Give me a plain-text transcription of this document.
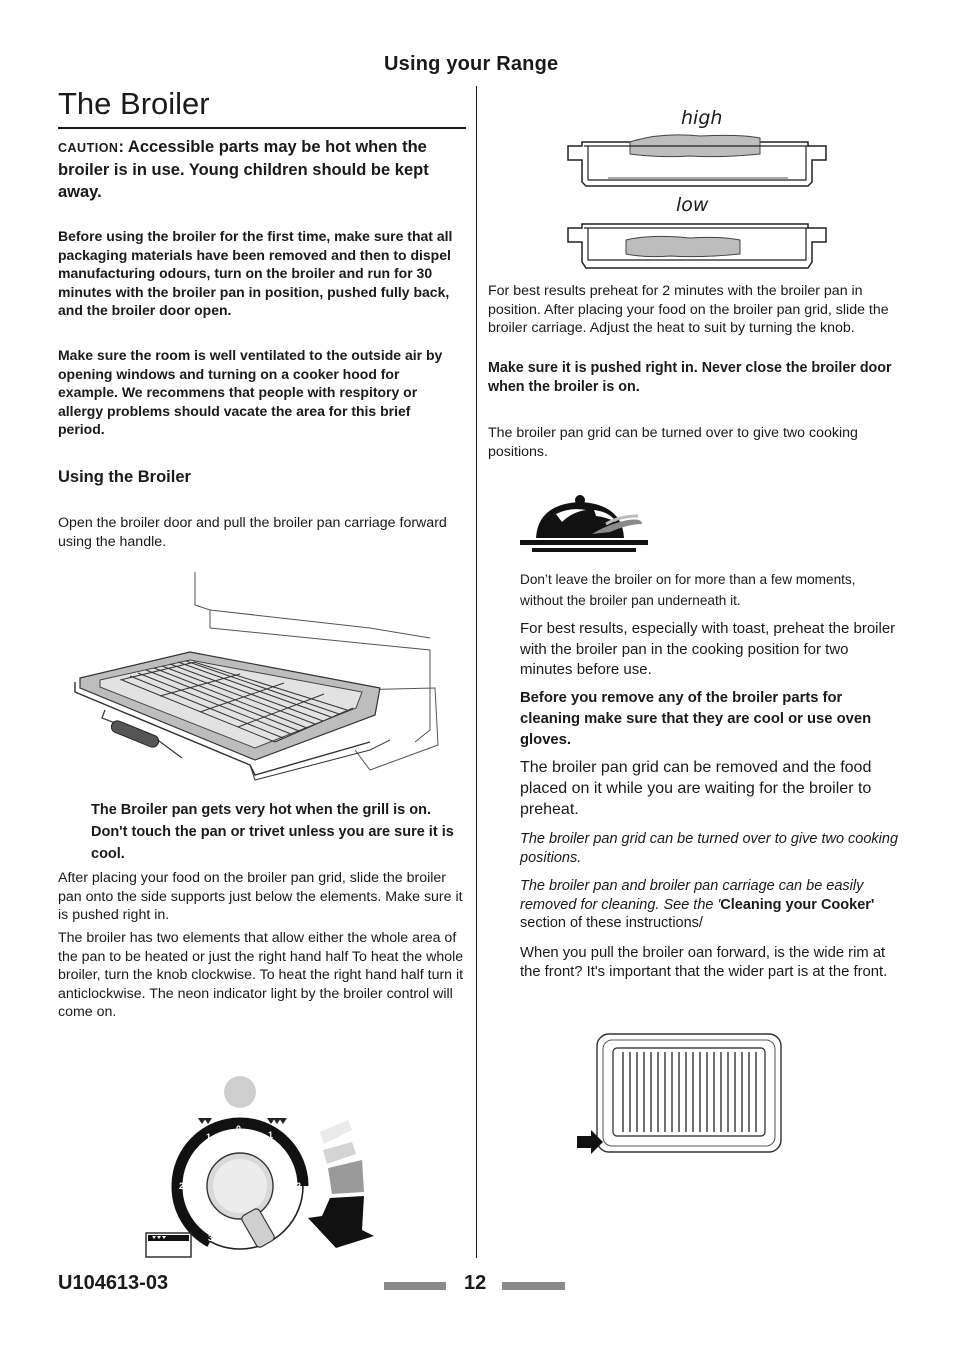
Using your Range
The Broiler
CAUTION: Accessible parts may be hot when the broiler is in use. Young children should be kept away.
Before using the broiler for the first time, make sure that all packaging materials have been removed and then to dispel manufacturing odours, turn on the broiler and run for 30 minutes with the broiler pan in position, pushed fully back, and the broiler door open.
Make sure the room is well ventilated to the outside air by opening windows and turning on a cooker hood for example. We recommens that people with respitory or allergy problems should vacate the area for this brief period.
Using the Broiler
Open the broiler door and pull the broiler pan carriage forward using the handle.
The Broiler pan gets very hot when the grill is on. Don't touch the pan or trivet unless you are sure it is cool.
After placing your food on the broiler pan grid, slide the broiler pan onto the side supports just below the elements. Make sure it is pushed right in.
The broiler has two elements that allow either the whole area of the pan to be heated or just the right hand half To heat the whole broiler, turn the knob clockwise. To heat the right hand half turn it anticlockwise. The neon indicator light by the broiler control will come on.
0
1	1
2	2
3
high
low
For best results preheat for 2 minutes with the broiler pan in position. After placing your food on the broiler pan grid, slide the broiler carriage. Adjust the heat to suit by turning the knob.
Make sure it is pushed right in. Never close the broiler door when the broiler is on.
The broiler pan grid can be turned over to give two cooking positions.
Don’t leave the broiler on for more than a few moments, without the broiler pan underneath it.
For best results, especially with toast, preheat the broiler with the broiler pan in the cooking position for two minutes before use.
Before you remove any of the broiler parts for cleaning make sure that they are cool or use oven gloves.
The broiler pan grid can be removed and the food placed on it while you are waiting for the broiler to preheat.
The broiler pan grid can be turned over to give two cooking positions.
The broiler pan and broiler pan carriage can be easily removed for cleaning. See the 'Cleaning your Cooker' section of these instructions/
When you pull the broiler oan forward, is the wide rim at the front? It's important that the wider part is at the front.
U104613-03	12
